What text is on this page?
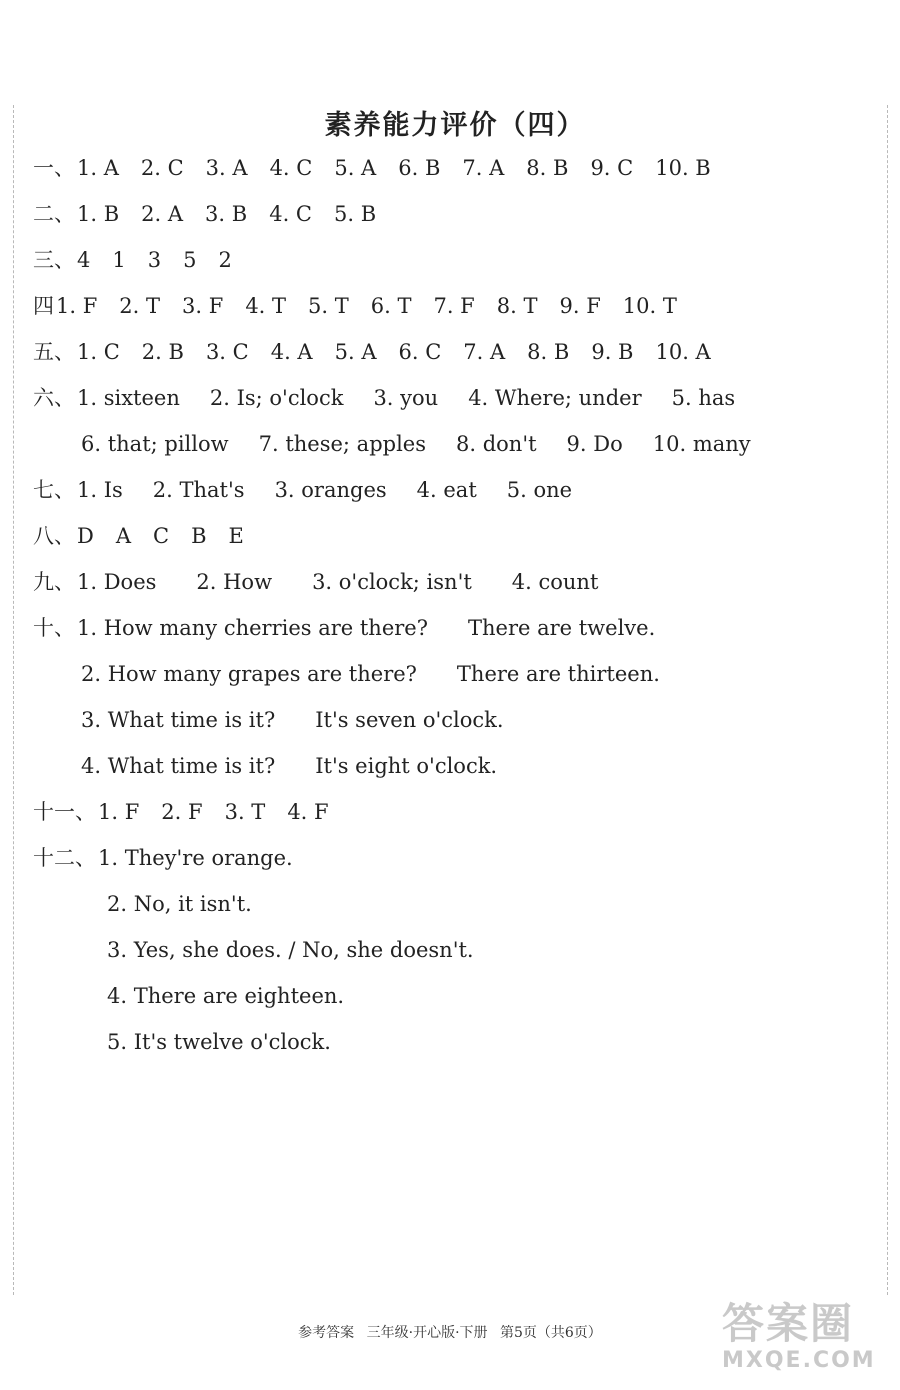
素养能力评价（四）
一、 1. A 2. C 3. A 4. C 5. A 6. B 7. A 8. B 9. C 10. B
二、 1. B 2. A 3. B 4. C 5. B
三、 4 1 3 5 2
四 1. F 2. T 3. F 4. T 5. T 6. T 7. F 8. T 9. F 10. T
五、 1. C 2. B 3. C 4. A 5. A 6. C 7. A 8. B 9. B 10. A
六、 1. sixteen 2. Is; o'clock 3. you 4. Where; under 5. has
6. that; pillow 7. these; apples 8. don't 9. Do 10. many
七、 1. Is 2. That's 3. oranges 4. eat 5. one
八、 D A C B E
九、 1. Does 2. How 3. o'clock; isn't 4. count
十、 1. How many cherries are there? There are twelve.
2. How many grapes are there? There are thirteen.
3. What time is it? It's seven o'clock.
4. What time is it? It's eight o'clock.
十一、 1. F 2. F 3. T 4. F
十二、 1. They're orange.
2. No, it isn't.
3. Yes, she does. / No, she doesn't.
4. There are eighteen.
5. It's twelve o'clock.
参考答案 三年级·开心版·下册 第5页（共6页）	答案圈
MXQE.COM
